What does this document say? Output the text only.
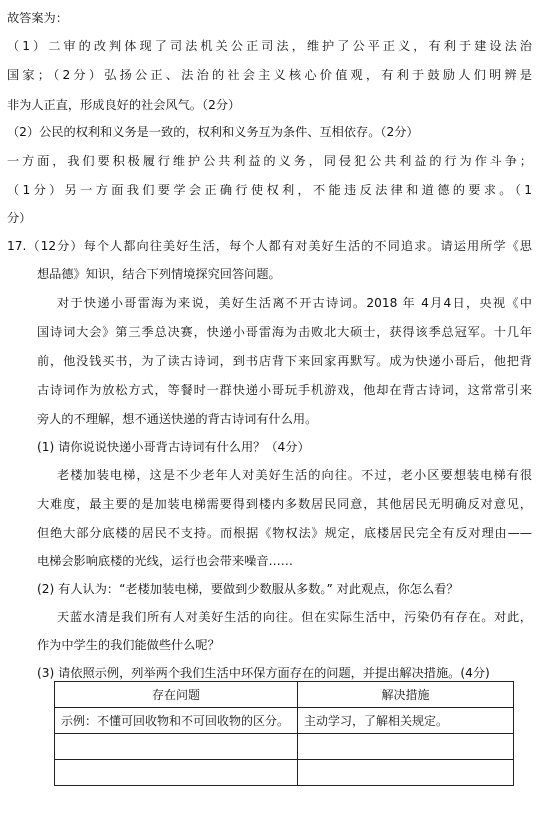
故答案为：
（1）二审的改判体现了司法机关公正司法，维护了公平正义，有利于建设法治
国家；（2分）弘扬公正、法治的社会主义核心价值观，有利于鼓励人们明辨是
非为人正直，形成良好的社会风气。（2分）
（2）公民的权利和义务是一致的，权利和义务互为条件、互相依存。（2分）
一方面，我们要积极履行维护公共利益的义务，同侵犯公共利益的行为作斗争；
（1分）另一方面我们要学会正确行使权利，不能违反法律和道德的要求。（1
分）
17.（12分）每个人都向往美好生活，每个人都有对美好生活的不同追求。请运用所学《思
想品德》知识，结合下列情境探究回答问题。
对于快递小哥雷海为来说，美好生活离不开古诗词。2018 年 4月4日，央视《中
国诗词大会》第三季总决赛，快递小哥雷海为击败北大硕士，获得该季总冠军。十几年
前，他没钱买书，为了读古诗词，到书店背下来回家再默写。成为快递小哥后，他把背
古诗词作为放松方式，等餐时一群快递小哥玩手机游戏，他却在背古诗词，这常常引来
旁人的不理解，想不通送快递的背古诗词有什么用。
(1) 请你说说快递小哥背古诗词有什么用？（4分）
老楼加装电梯，这是不少老年人对美好生活的向往。不过，老小区要想装电梯有很
大难度，最主要的是加装电梯需要得到楼内多数居民同意，其他居民无明确反对意见，
但绝大部分底楼的居民不支持。而根据《物权法》规定，底楼居民完全有反对理由——
电梯会影响底楼的光线，运行也会带来噪音……
(2) 有人认为：“老楼加装电梯，要做到少数服从多数。” 对此观点，你怎么看？
天蓝水清是我们所有人对美好生活的向往。但在实际生活中，污染仍有存在。对此，
作为中学生的我们能做些什么呢？
(3) 请依照示例，列举两个我们生活中环保方面存在的问题，并提出解决措施。(4分)
存在问题	解决措施
示例：不懂可回收物和不可回收物的区分。	主动学习，了解相关规定。
